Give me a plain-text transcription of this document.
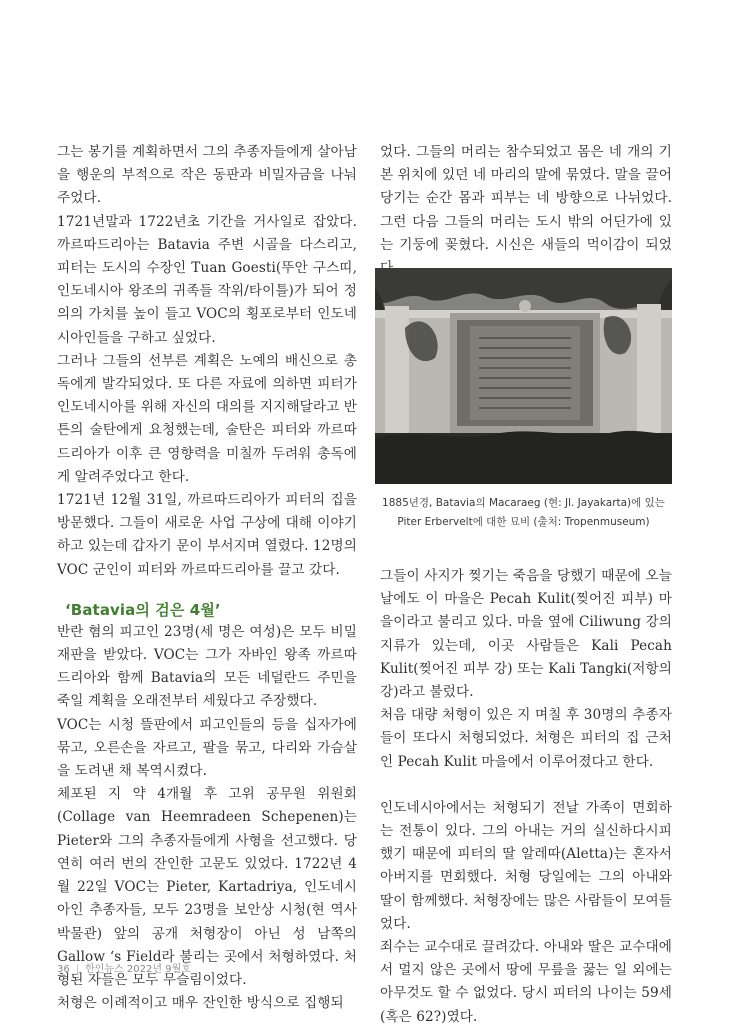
그는 봉기를 계획하면서 그의 추종자들에게 살아남을 행운의 부적으로 작은 동판과 비밀자금을 나눠주었다.

1721년말과 1722년초 기간을 거사일로 잡았다. 까르따드리아는 Batavia 주변 시골을 다스리고, 피터는 도시의 수장인 Tuan Goesti(뚜안 구스띠, 인도네시아 왕조의 귀족들 작위/타이틀)가 되어 정의의 가치를 높이 들고 VOC의 횡포로부터 인도네시아인들을 구하고 싶었다.

그러나 그들의 선부른 계획은 노예의 배신으로 총독에게 발각되었다. 또 다른 자료에 의하면 피터가 인도네시아를 위해 자신의 대의를 지지해달라고 반튼의 술탄에게 요청했는데, 술탄은 피터와 까르따드리아가 이후 큰 영향력을 미칠까 두려워 총독에게 알려주었다고 한다.

1721년 12월 31일, 까르따드리아가 피터의 집을 방문했다. 그들이 새로운 사업 구상에 대해 이야기하고 있는데 갑자기 문이 부서지며 열렸다. 12명의 VOC 군인이 피터와 까르따드리아를 끌고 갔다.

‘Batavia의 검은 4월’

반란 혐의 피고인 23명(세 명은 여성)은 모두 비밀 재판을 받았다. VOC는 그가 자바인 왕족 까르따드리아와 함께 Batavia의 모든 네덜란드 주민을 죽일 계획을 오래전부터 세웠다고 주장했다.

VOC는 시청 뜰판에서 피고인들의 등을 십자가에 묶고, 오른손을 자르고, 팔을 묶고, 다리와 가슴살을 도려낸 채 복역시켰다.

체포된 지 약 4개월 후 고위 공무원 위원회(Collage van Heemradeen Schepenen)는 Pieter와 그의 추종자들에게 사형을 선고했다. 당연히 여러 번의 잔인한 고문도 있었다. 1722년 4월 22일 VOC는 Pieter, Kartadriya, 인도네시아인 추종자들, 모두 23명을 보안상 시청(현 역사박물관) 앞의 공개 처형장이 아닌 성 남쪽의 Gallow ‘s Field라 불리는 곳에서 처형하였다. 처형된 자들은 모두 무슬림이었다.

처형은 이례적이고 매우 잔인한 방식으로 집행되

었다. 그들의 머리는 참수되었고 몸은 네 개의 기본 위치에 있던 네 마리의 말에 묶였다. 말을 끌어당기는 순간 몸과 피부는 네 방향으로 나뉘었다. 그런 다음 그들의 머리는 도시 밖의 어딘가에 있는 기둥에 꽂혔다. 시신은 새들의 먹이감이 되었

1885년경, Batavia의 Macaraeg (현: Jl. Jayakarta)에 있는
Piter Erbervelt에 대한 묘비 (출처: Tropenmuseum)

그들이 사지가 찢기는 죽음을 당했기 때문에 오늘날에도 이 마을은 Pecah Kulit(찢어진 피부) 마을이라고 불리고 있다. 마을 옆에 Ciliwung 강의 지류가 있는데, 이곳 사람들은 Kali Pecah Kulit(찢어진 피부 강) 또는 Kali Tangki(저항의 강)라고 불렀다.

처음 대량 처형이 있은 지 며칠 후 30명의 추종자들이 또다시 처형되었다. 처형은 피터의 집 근처인 Pecah Kulit 마을에서 이루어졌다고 한다.

인도네시아에서는 처형되기 전날 가족이 면회하는 전통이 있다. 그의 아내는 거의 실신하다시피 했기 때문에 피터의 딸 알레따(Aletta)는 혼자서 아버지를 면회했다. 처형 당일에는 그의 아내와 딸이 함께했다. 처형장에는 많은 사람들이 모여들었다.

죄수는 교수대로 끌려갔다. 아내와 딸은 교수대에서 멀지 않은 곳에서 땅에 무릎을 꿇는 일 외에는 아무것도 할 수 없었다. 당시 피터의 나이는 59세(혹은 62?)였다.

36 | 한인뉴스 2022년 9월호
